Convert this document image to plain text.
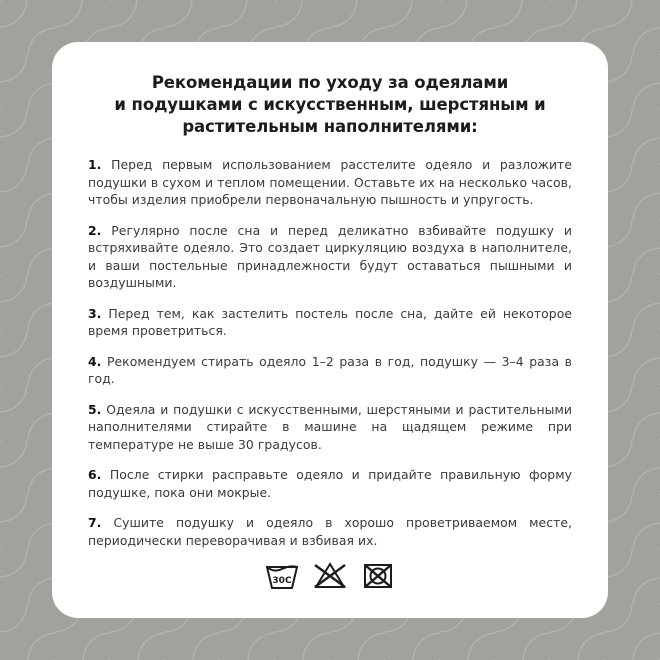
Рекомендации по уходу за одеялами
и подушками с искусственным, шерстяным и
растительным наполнителями:

1. Перед первым использованием расстелите одеяло и разложите подушки в сухом и теплом помещении. Оставьте их на несколько часов, чтобы изделия приобрели первоначальную пышность и упругость.

2. Регулярно после сна и перед деликатно взбивайте подушку и встряхивайте одеяло. Это создает циркуляцию воздуха в наполнителе, и ваши постельные принадлежности будут оставаться пышными и воздушными.

3. Перед тем, как застелить постель после сна, дайте ей некоторое время проветриться.

4. Рекомендуем стирать одеяло 1–2 раза в год, подушку — 3–4 раза в год.

5. Одеяла и подушки с искусственными, шерстяными и растительными наполнителями стирайте в машине на щадящем режиме при температуре не выше 30 градусов.

6. После стирки расправьте одеяло и придайте правильную форму подушке, пока они мокрые.

7. Сушите подушку и одеяло в хорошо проветриваемом месте, периодически переворачивая и взбивая их.

30C
